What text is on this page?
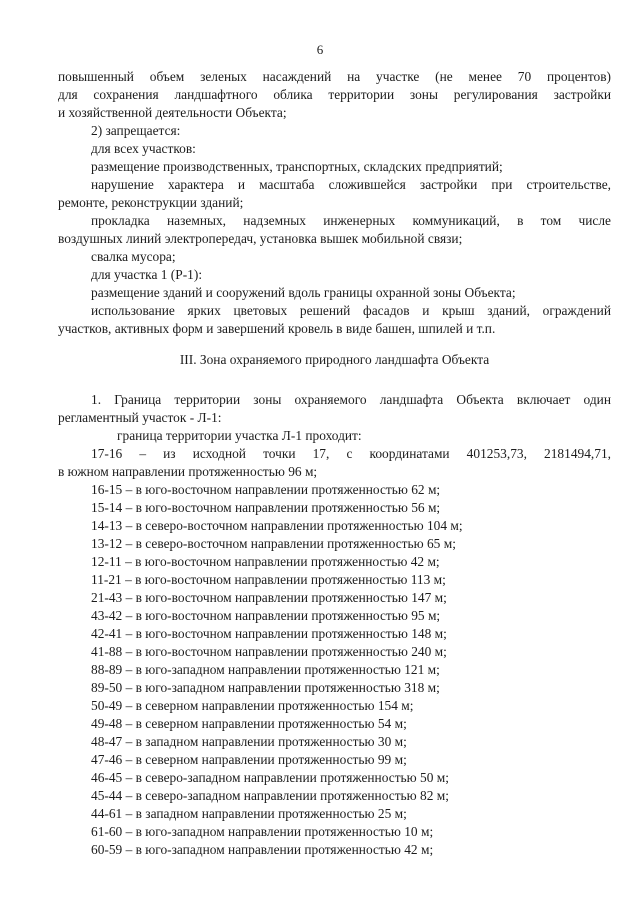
6

повышенный объем зеленых насаждений на участке (не менее 70 процентов)

для сохранения ландшафтного облика территории зоны регулирования застройки

и хозяйственной деятельности Объекта;

2) запрещается:

для всех участков:

размещение производственных, транспортных, складских предприятий;

нарушение характера и масштаба сложившейся застройки при строительстве,

ремонте, реконструкции зданий;

прокладка наземных, надземных инженерных коммуникаций, в том числе

воздушных линий электропередач, установка вышек мобильной связи;

свалка мусора;

для участка 1 (Р-1):

размещение зданий и сооружений вдоль границы охранной зоны Объекта;

использование ярких цветовых решений фасадов и крыш зданий, ограждений

участков, активных форм и завершений кровель в виде башен, шпилей и т.п.

III. Зона охраняемого природного ландшафта Объекта

1. Граница территории зоны охраняемого ландшафта Объекта включает один

регламентный участок - Л-1:

граница территории участка Л-1 проходит:

17-16 – из исходной точки 17, с координатами 401253,73, 2181494,71,

в южном направлении протяженностью 96 м;

16-15 – в юго-восточном направлении протяженностью 62 м;

15-14 – в юго-восточном направлении протяженностью 56 м;

14-13 – в северо-восточном направлении протяженностью 104 м;

13-12 – в северо-восточном направлении протяженностью 65 м;

12-11 – в юго-восточном направлении протяженностью 42 м;

11-21 – в юго-восточном направлении протяженностью 113 м;

21-43 – в юго-восточном направлении протяженностью 147 м;

43-42 – в юго-восточном направлении протяженностью 95 м;

42-41 – в юго-восточном направлении протяженностью 148 м;

41-88 – в юго-восточном направлении протяженностью 240 м;

88-89 – в юго-западном направлении протяженностью 121 м;

89-50 – в юго-западном направлении протяженностью 318 м;

50-49 – в северном направлении протяженностью 154 м;

49-48 – в северном направлении протяженностью 54 м;

48-47 – в западном направлении протяженностью 30 м;

47-46 – в северном направлении протяженностью 99 м;

46-45 – в северо-западном направлении протяженностью 50 м;

45-44 – в северо-западном направлении протяженностью 82 м;

44-61 – в западном направлении протяженностью 25 м;

61-60 – в юго-западном направлении протяженностью 10 м;

60-59 – в юго-западном направлении протяженностью 42 м;
